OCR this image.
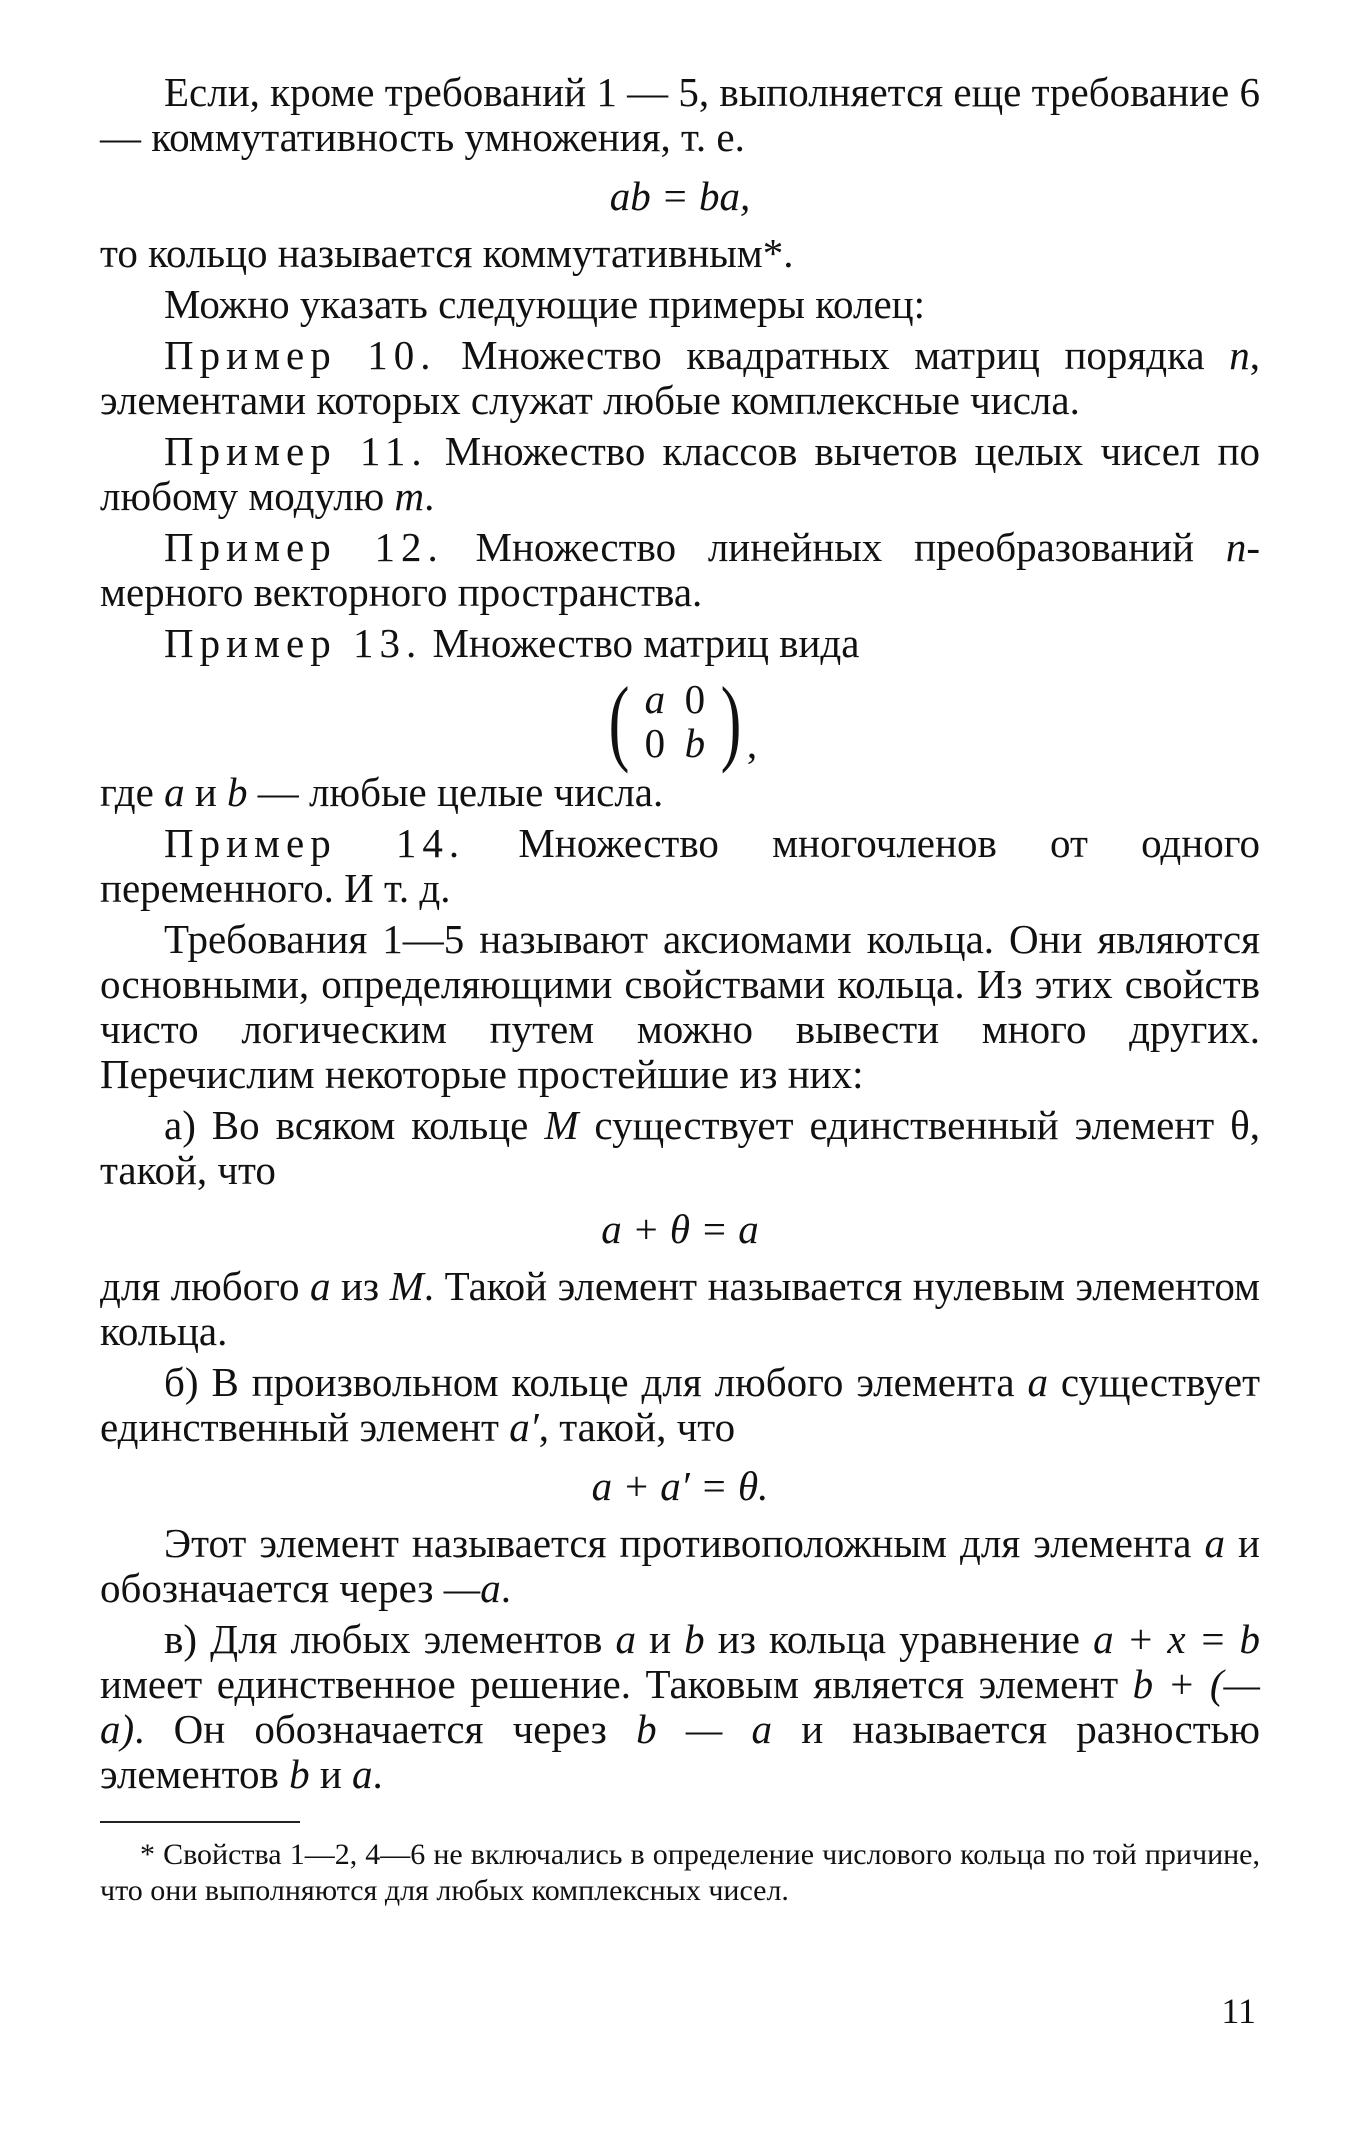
Если, кроме требований 1 — 5, выполняется еще требование 6 — коммутативность умножения, т. е.

ab = ba,

то кольцо называется коммутативным*.

Можно указать следующие примеры колец:

Пример 10. Множество квадратных матриц порядка n, элементами которых служат любые комплексные числа.

Пример 11. Множество классов вычетов целых чисел по любому модулю m.

Пример 12. Множество линейных преобразований n-мерного векторного пространства.

Пример 13. Множество матриц вида

( a 0
0 b ) ,

где a и b — любые целые числа.

Пример 14. Множество многочленов от одного переменного. И т. д.

Требования 1—5 называют аксиомами кольца. Они являются основными, определяющими свойствами кольца. Из этих свойств чисто логическим путем можно вывести много других. Перечислим некоторые простейшие из них:

а) Во всяком кольце M существует единственный элемент θ, такой, что

a + θ = a

для любого a из M. Такой элемент называется нулевым элементом кольца.

б) В произвольном кольце для любого элемента a существует единственный элемент a′, такой, что

a + a′ = θ.

Этот элемент называется противоположным для элемента a и обозначается через —a.

в) Для любых элементов a и b из кольца уравнение a + x = b имеет единственное решение. Таковым является элемент b + (—a). Он обозначается через b — a и называется разностью элементов b и a.

* Свойства 1—2, 4—6 не включались в определение числового кольца по той причине, что они выполняются для любых комплексных чисел.

11
